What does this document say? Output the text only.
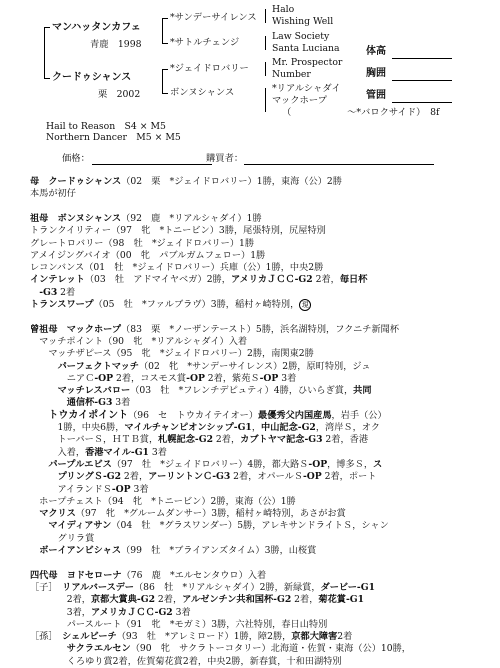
マンハッタンカフェ
青鹿　1998
クードゥシャンス
栗　2002
*サンデーサイレンス
*サトルチェンジ
*ジェイドロバリー
ボンヌシャンス
Halo
Wishing Well
Law Society
Santa Luciana
Mr. Prospector
Number
*リアルシャダイ
マックホープ
（　　　　　　～*バロクサイド）　8f
体高
胸囲
管囲
Hail to Reason　S4 × M5
Northern Dancer　M5 × M5
価格：	購買者：
母　クードゥシャンス（02　栗　*ジェイドロバリー）1勝，東海（公）2勝
本馬が初仔
祖母　ボンヌシャンス（92　鹿　*リアルシャダイ）1勝
トランクイリティー（97　牝　*トニービン）3勝，尾張特別，尻屋特別
グレートロバリー（98　牡　*ジェイドロバリー）1勝
アメイジングバイオ（00　牝　パブルガムフェロー）1勝
レコンバンス（01　牡　*ジェイドロバリー）兵庫（公）1勝，中央2勝
インテレット（03　牡　アドマイヤベガ）2勝，アメリカＪＣＣ-G2 2着，毎日杯
　-G3 2着
トランスワープ（05　牡　*ファルブラヴ）3勝，稲村ヶ崎特別， 現
曾祖母　マックホープ（83　栗　*ノーザンテースト）5勝，浜名湖特別，フクニチ新聞杯
　マッチポイント（90　牝　*リアルシャダイ）入着
　　マッチザピース（95　牝　*ジェイドロバリー）2勝，南関東2勝
　　　パーフェクトマッチ（02　牝　*サンデーサイレンス）2勝，原町特別，ジュ
　　　　ニアＣ-OP 2着，コスモス賞-OP 2着，紫苑Ｓ-OP 3着
　　　マッチレスバロー（03　牡　*フレンチデピュティ）4勝，ひいらぎ賞，共同
　　　　通信杯-G3 3着
　　トウカイポイント（96　セ　トウカイテイオー）最優秀父内国産馬，岩手（公）
　　　1勝，中央6勝，マイルチャンピオンシップ-G1，中山記念-G2，湾岸Ｓ，オク
　　　トーバーＳ，ＨＴＢ賞，札幌記念-G2 2着，カブトヤマ記念-G3 2着，香港
　　　入着，香港マイル-G1 3着
　　パープルエビス（97　牡　*ジェイドロバリー）4勝，都大路Ｓ-OP，博多Ｓ，ス
　　　プリングＳ-G2 2着，アーリントンＣ-G3 2着，オパールＳ-OP 2着，ポート
　　　アイランドＳ-OP 3着
　ホープチェスト（94　牝　*トニービン）2勝，東海（公）1勝
　マクリス（97　牝　*グルームダンサー）3勝，稲村ヶ崎特別，あさがお賞
　　マイディアサン（04　牡　*グラスワンダー）5勝，アレキサンドライトＳ，シャン
　　　グリラ賞
　ボーイアンビシャス（99　牡　*ブライアンズタイム）3勝，山桜賞
四代母　ヨドセローナ（76　鹿　*エルセンタウロ）入着
［子］　リアルバースデー（86　牡　*リアルシャダイ）2勝，新緑賞，ダービー-G1
　　　　2着，京都大賞典-G2 2着，アルゼンチン共和国杯-G2 2着，菊花賞-G1
　　　　3着，アメリカＪＣＣ-G2 3着
　　　　パースルート（91　牝　*モガミ）3勝，六社特別，春日山特別
［孫］　シェルビーチ（93　牡　*アレミロード）1勝，障2勝，京都大障害2着
　　　　サクラエルセン（90　牝　サクラトーコタリー）北海道・佐賀・東海（公）10勝，
　　　　くろゆり賞2着，佐賀菊花賞2着，中央2勝，新春賞，十和田湖特別
